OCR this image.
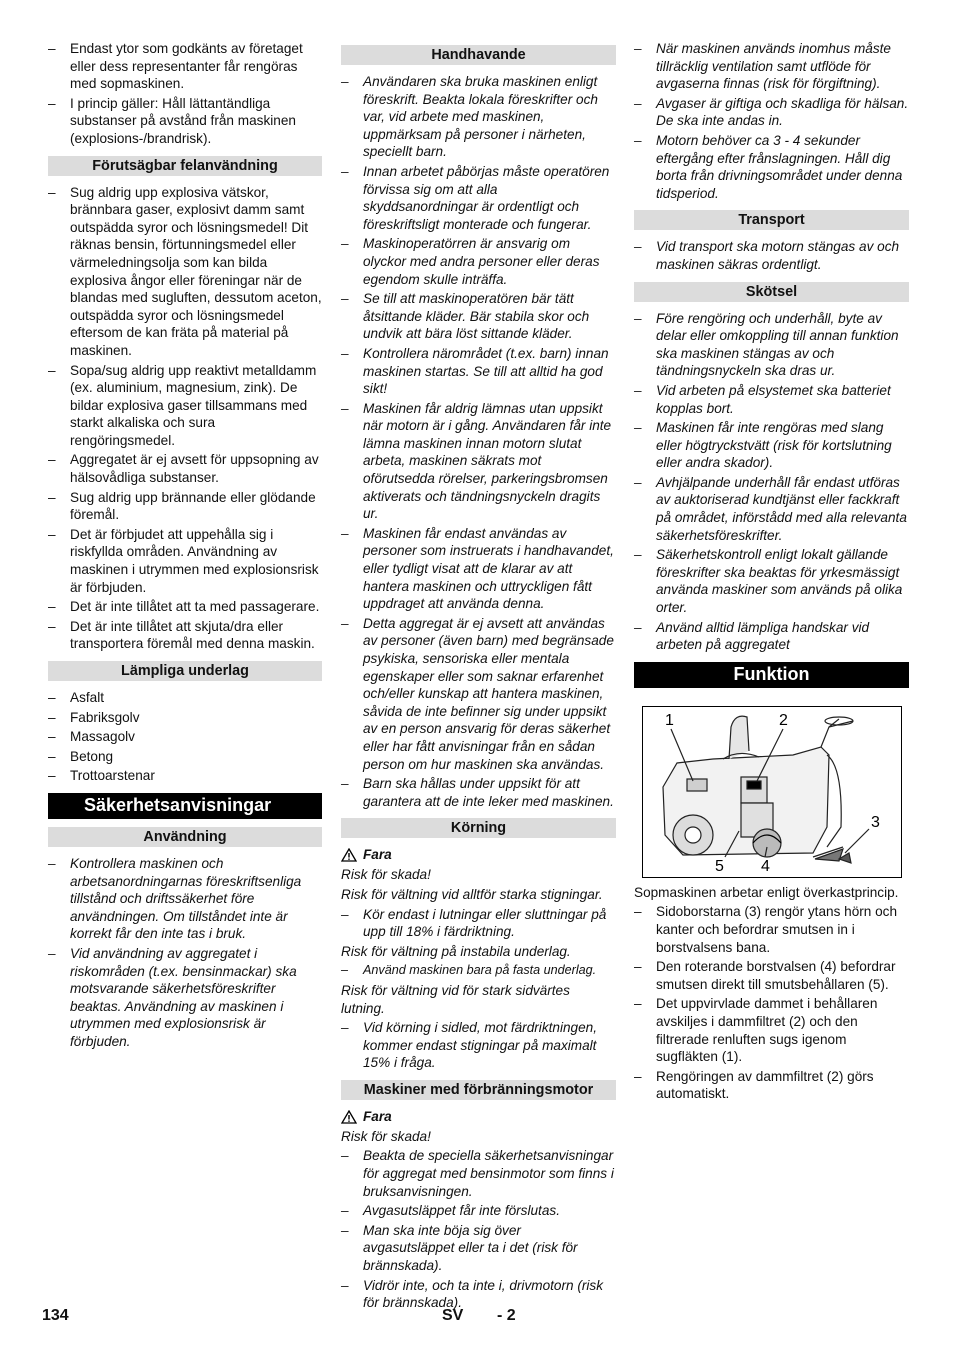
– Endast ytor som godkänts av företaget eller dess representanter får rengöras med sopmaskinen.
– I princip gäller: Håll lättantändliga substanser på avstånd från maskinen (explosions-/brandrisk).
Förutsägbar felanvändning
– Sug aldrig upp explosiva vätskor, brännbara gaser, explosivt damm samt outspädda syror och lösningsmedel! Dit räknas bensin, förtunningsmedel eller värmeledningsolja som kan bilda explosiva ångor eller föreningar när de blandas med sugluften, dessutom aceton, outspädda syror och lösningsmedel eftersom de kan fräta på material på maskinen.
– Sopa/sug aldrig upp reaktivt metalldamm (ex. aluminium, magnesium, zink). De bildar explosiva gaser tillsammans med starkt alkaliska och sura rengöringsmedel.
– Aggregatet är ej avsett för uppsopning av hälsovådliga substanser.
– Sug aldrig upp brännande eller glödande föremål.
– Det är förbjudet att uppehålla sig i riskfyllda områden. Användning av maskinen i utrymmen med explosionsrisk är förbjuden.
– Det är inte tillåtet att ta med passagerare.
– Det är inte tillåtet att skjuta/dra eller transportera föremål med denna maskin.
Lämpliga underlag
– Asfalt
– Fabriksgolv
– Massagolv
– Betong
– Trottoarstenar
Säkerhetsanvisningar
Användning
– Kontrollera maskinen och arbetsanordningarnas föreskriftsenliga tillstånd och driftssäkerhet före användningen. Om tillståndet inte är korrekt får den inte tas i bruk.
– Vid användning av aggregatet i riskområden (t.ex. bensinmackar) ska motsvarande säkerhetsföreskrifter beaktas. Användning av maskinen i utrymmen med explosionsrisk är förbjuden.
Handhavande
– Användaren ska bruka maskinen enligt föreskrift. Beakta lokala föreskrifter och var, vid arbete med maskinen, uppmärksam på personer i närheten, speciellt barn.
– Innan arbetet påbörjas måste operatören förvissa sig om att alla skyddsanordningar är ordentligt och föreskriftsligt monterade och fungerar.
– Maskinoperatörren är ansvarig om olyckor med andra personer eller deras egendom skulle inträffa.
– Se till att maskinoperatören bär tätt åtsittande kläder. Bär stabila skor och undvik att bära löst sittande kläder.
– Kontrollera närområdet (t.ex. barn) innan maskinen startas. Se till att alltid ha god sikt!
– Maskinen får aldrig lämnas utan uppsikt när motorn är i gång. Användaren får inte lämna maskinen innan motorn slutat arbeta, maskinen säkrats mot oförutsedda rörelser, parkeringsbromsen aktiverats och tändningsnyckeln dragits ur.
– Maskinen får endast användas av personer som instruerats i handhavandet, eller tydligt visat att de klarar av att hantera maskinen och uttryckligen fått uppdraget att använda denna.
– Detta aggregat är ej avsett att användas av personer (även barn) med begränsade psykiska, sensoriska eller mentala egenskaper eller som saknar erfarenhet och/eller kunskap att hantera maskinen, såvida de inte befinner sig under uppsikt av en person ansvarig för deras säkerhet eller har fått anvisningar från en sådan person om hur maskinen ska användas.
– Barn ska hållas under uppsikt för att garantera att de inte leker med maskinen.
Körning
Fara
Risk för skada!
Risk för vältning vid alltför starka stigningar.
– Kör endast i lutningar eller sluttningar på upp till 18% i färdriktning.
Risk för vältning på instabila underlag.
– Använd maskinen bara på fasta underlag.
Risk för vältning vid för stark sidvärtes lutning.
– Vid körning i sidled, mot färdriktningen, kommer endast stigningar på maximalt 15% i fråga.
Maskiner med förbränningsmotor
Fara
Risk för skada!
– Beakta de speciella säkerhetsanvisningar för aggregat med bensinmotor som finns i bruksanvisningen.
– Avgasutsläppet får inte förslutas.
– Man ska inte böja sig över avgasutsläppet eller ta i det (risk för brännskada).
– Vidrör inte, och ta inte i, drivmotorn (risk för brännskada).
– När maskinen används inomhus måste tillräcklig ventilation samt utflöde för avgaserna finnas (risk för förgiftning).
– Avgaser är giftiga och skadliga för hälsan. De ska inte andas in.
– Motorn behöver ca 3 - 4 sekunder eftergång efter frånslagningen. Håll dig borta från drivningsområdet under denna tidsperiod.
Transport
– Vid transport ska motorn stängas av och maskinen säkras ordentligt.
Skötsel
– Före rengöring och underhåll, byte av delar eller omkoppling till annan funktion ska maskinen stängas av och tändningsnyckeln ska dras ur.
– Vid arbeten på elsystemet ska batteriet kopplas bort.
– Maskinen får inte rengöras med slang eller högtryckstvätt (risk för kortslutning eller andra skador).
– Avhjälpande underhåll får endast utföras av auktoriserad kundtjänst eller fackkraft på området, införstådd med alla relevanta säkerhetsföreskrifter.
– Säkerhetskontroll enligt lokalt gällande föreskrifter ska beaktas för yrkesmässigt använda maskiner som används på olika orter.
– Använd alltid lämpliga handskar vid arbeten på aggregatet
Funktion
1	2
3
4
5
Sopmaskinen arbetar enligt överkastprincip.
– Sidoborstarna (3) rengör ytans hörn och kanter och befordrar smutsen in i borstvalsens bana.
– Den roterande borstvalsen (4) befordrar smutsen direkt till smutsbehållaren (5).
– Det uppvirvlade dammet i behållaren avskiljes i dammfiltret (2) och den filtrerade renluften sugs igenom sugfläkten (1).
– Rengöringen av dammfiltret (2) görs automatiskt.
134	SV - 2
